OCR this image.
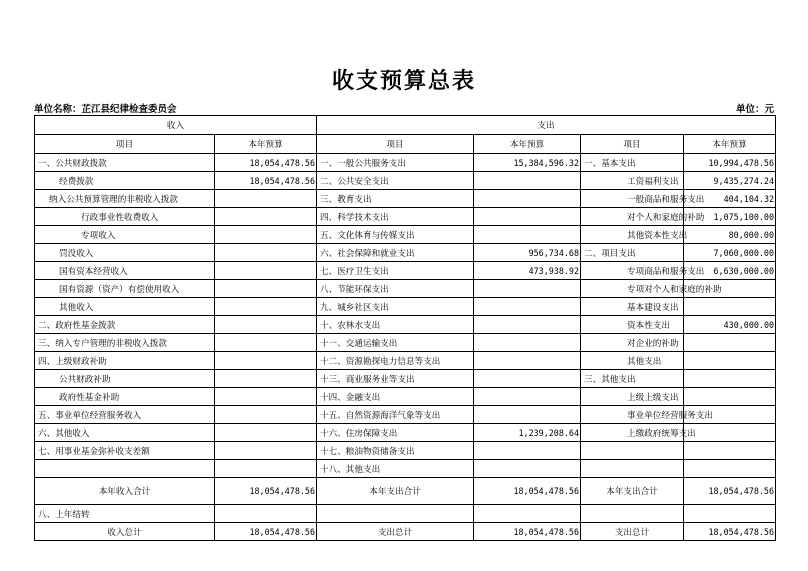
收支预算总表
单位名称：芷江县纪律检查委员会	单位：元
收入		支出			
项目	本年预算	项目	本年预算	项目	本年预算
一、公共财政拨款	18,054,478.56	一、一般公共服务支出	15,384,596.32	一、基本支出	10,994,478.56
经费拨款	18,054,478.56	二、公共安全支出		工资福利支出	9,435,274.24
纳入公共预算管理的非税收入拨款		三、教育支出		一般商品和服务支出	404,104.32
行政事业性收费收入		四、科学技术支出		对个人和家庭的补助	1,075,100.00
专项收入		五、文化体育与传媒支出		其他资本性支出	80,000.00
罚没收入		六、社会保障和就业支出	956,734.68	二、项目支出	7,060,000.00
国有资本经营收入		七、医疗卫生支出	473,938.92	专项商品和服务支出	6,630,000.00
国有资源（资产）有偿使用收入		八、节能环保支出		专项对个人和家庭的补助	
其他收入		九、城乡社区支出		基本建设支出	
二、政府性基金拨款		十、农林水支出		资本性支出	430,000.00
三、纳入专户管理的非税收入拨款		十一、交通运输支出		对企业的补助	
四、上级财政补助		十二、资源勘探电力信息等支出		其他支出	
公共财政补助		十三、商业服务业等支出		三、其他支出	
政府性基金补助		十四、金融支出		上级上级支出	
五、事业单位经营服务收入		十五、自然资源海洋气象等支出		事业单位经营服务支出	
六、其他收入		十六、住房保障支出	1,239,208.64	上缴政府统筹支出	
七、用事业基金弥补收支差额		十七、粮油物资储备支出			
		十八、其他支出			
本年收入合计	18,054,478.56	本年支出合计	18,054,478.56	本年支出合计	18,054,478.56
八、上年结转					
收入总计	18,054,478.56	支出总计	18,054,478.56	支出总计	18,054,478.56
